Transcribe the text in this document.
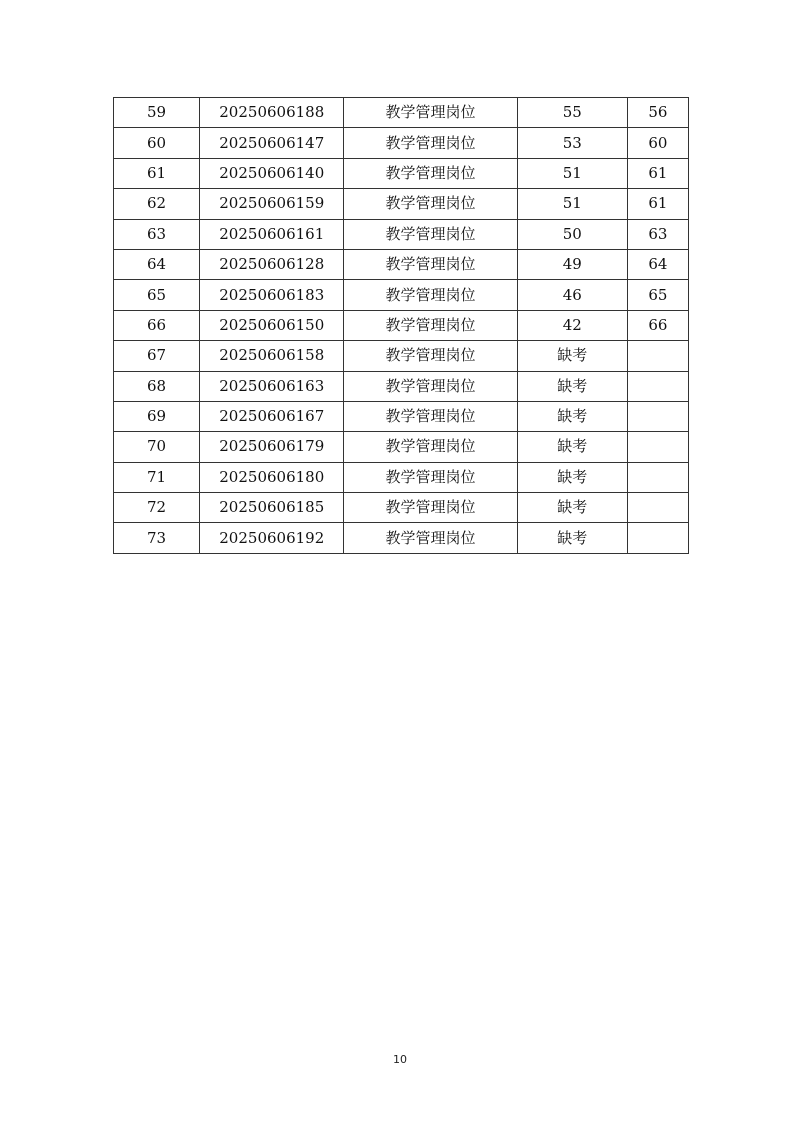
59	20250606188	教学管理岗位	55	56
60	20250606147	教学管理岗位	53	60
61	20250606140	教学管理岗位	51	61
62	20250606159	教学管理岗位	51	61
63	20250606161	教学管理岗位	50	63
64	20250606128	教学管理岗位	49	64
65	20250606183	教学管理岗位	46	65
66	20250606150	教学管理岗位	42	66
67	20250606158	教学管理岗位	缺考	
68	20250606163	教学管理岗位	缺考	
69	20250606167	教学管理岗位	缺考	
70	20250606179	教学管理岗位	缺考	
71	20250606180	教学管理岗位	缺考	
72	20250606185	教学管理岗位	缺考	
73	20250606192	教学管理岗位	缺考	
10
